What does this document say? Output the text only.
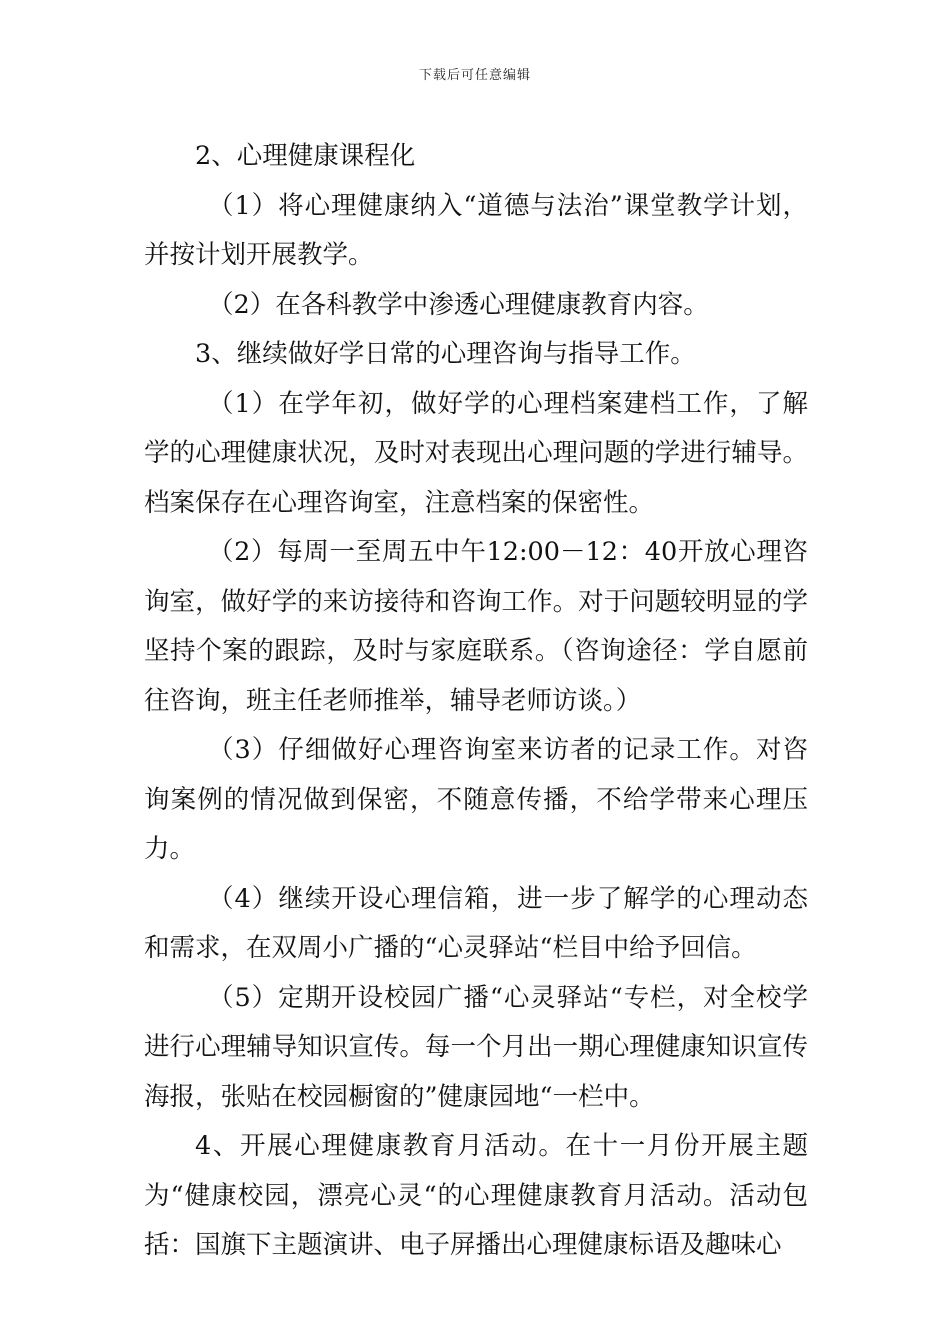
下载后可任意编辑

2、心理健康课程化

（1）将心理健康纳入“道德与法治”课堂教学计划，并按计划开展教学。

（2）在各科教学中渗透心理健康教育内容。

3、继续做好学日常的心理咨询与指导工作。

（1）在学年初，做好学的心理档案建档工作，了解学的心理健康状况，及时对表现出心理问题的学进行辅导。档案保存在心理咨询室，注意档案的保密性。

（2）每周一至周五中午12:00－12：40开放心理咨询室，做好学的来访接待和咨询工作。对于问题较明显的学坚持个案的跟踪，及时与家庭联系。（咨询途径：学自愿前往咨询，班主任老师推举，辅导老师访谈。）

（3）仔细做好心理咨询室来访者的记录工作。对咨询案例的情况做到保密，不随意传播，不给学带来心理压力。

（4）继续开设心理信箱，进一步了解学的心理动态和需求，在双周小广播的“心灵驿站“栏目中给予回信。

（5）定期开设校园广播“心灵驿站“专栏，对全校学进行心理辅导知识宣传。每一个月出一期心理健康知识宣传海报，张贴在校园橱窗的”健康园地“一栏中。

4、开展心理健康教育月活动。在十一月份开展主题为“健康校园，漂亮心灵“的心理健康教育月活动。活动包括：国旗下主题演讲、电子屏播出心理健康标语及趣味心
